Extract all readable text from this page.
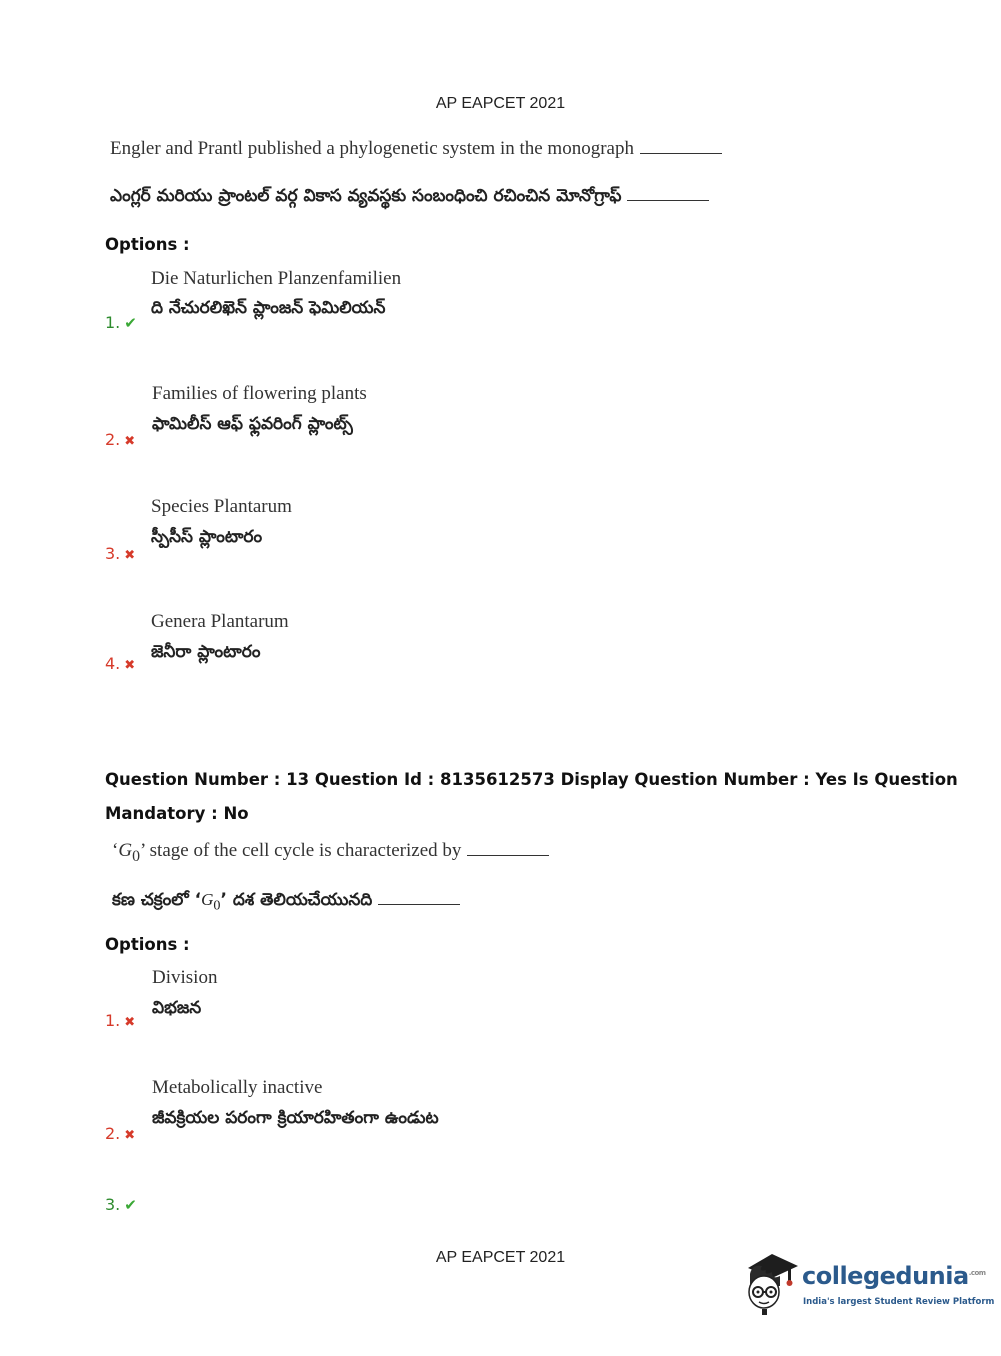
AP EAPCET 2021
Engler and Prantl published a phylogenetic system in the monograph
ఎంగ్లర్ మరియు ప్రాంటల్ వర్గ వికాస వ్యవస్థకు సంబంధించి రచించిన మోనోగ్రాఫ్
Options :
Die Naturlichen Planzenfamilien
ది నేచురలిఖెన్ ప్లాంజన్ ఫెమిలియన్
1. ✔
Families of flowering plants
ఫామిలీస్ ఆఫ్ ఫ్లవరింగ్ ప్లాంట్స్
2. ✖
Species Plantarum
స్పీసీస్ ప్లాంటారం
3. ✖
Genera Plantarum
జెనీరా ప్లాంటారం
4. ✖
Question Number : 13 Question Id : 8135612573 Display Question Number : Yes Is Question
Mandatory : No
‘$G_0$’ stage of the cell cycle is characterized by
కణ చక్రంలో ‘$G_0$’ దశ తెలియచేయునది
Options :
Division
విభజన
1. ✖
Metabolically inactive
జీవక్రియల పరంగా క్రియారహితంగా ఉండుట
2. ✖
3. ✔
AP EAPCET 2021
collegedunia$^{.com}$
India's largest Student Review Platform
